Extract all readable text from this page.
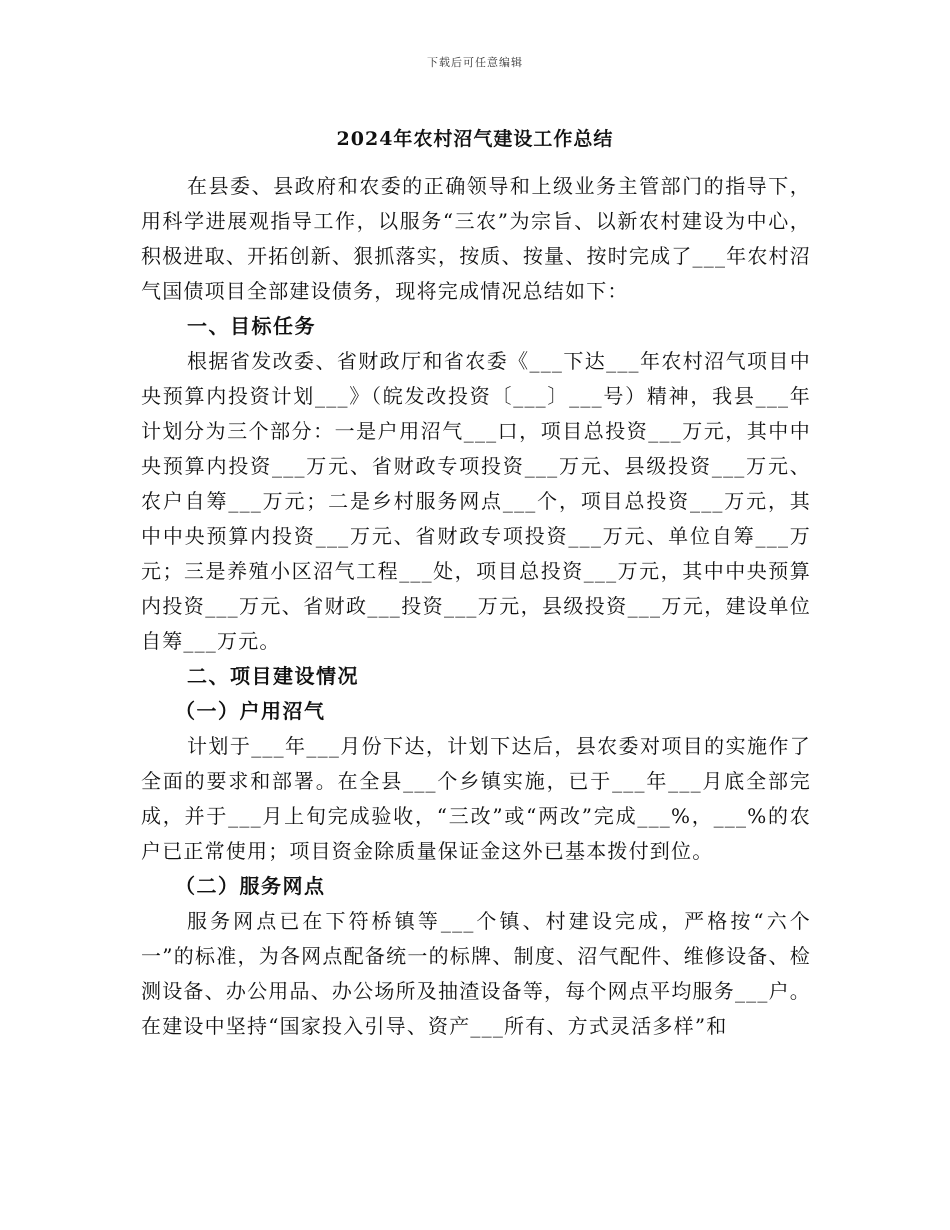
下载后可任意编辑
2024年农村沼气建设工作总结

在县委、县政府和农委的正确领导和上级业务主管部门的指导下，用科学进展观指导工作，以服务“三农”为宗旨、以新农村建设为中心，积极进取、开拓创新、狠抓落实，按质、按量、按时完成了___年农村沼气国债项目全部建设债务，现将完成情况总结如下：

一、目标任务

根据省发改委、省财政厅和省农委《___下达___年农村沼气项目中央预算内投资计划___》（皖发改投资〔___〕___号）精神，我县___年计划分为三个部分：一是户用沼气___口，项目总投资___万元，其中中央预算内投资___万元、省财政专项投资___万元、县级投资___万元、农户自筹___万元；二是乡村服务网点___个，项目总投资___万元，其中中央预算内投资___万元、省财政专项投资___万元、单位自筹___万元；三是养殖小区沼气工程___处，项目总投资___万元，其中中央预算内投资___万元、省财政___投资___万元，县级投资___万元，建设单位自筹___万元。

二、项目建设情况

（一）户用沼气

计划于___年___月份下达，计划下达后，县农委对项目的实施作了全面的要求和部署。在全县___个乡镇实施，已于___年___月底全部完成，并于___月上旬完成验收，“三改”或“两改”完成___%，___%的农户已正常使用；项目资金除质量保证金这外已基本拨付到位。

（二）服务网点

服务网点已在下符桥镇等___个镇、村建设完成，严格按“六个一”的标准，为各网点配备统一的标牌、制度、沼气配件、维修设备、检测设备、办公用品、办公场所及抽渣设备等，每个网点平均服务___户。在建设中坚持“国家投入引导、资产___所有、方式灵活多样”和
